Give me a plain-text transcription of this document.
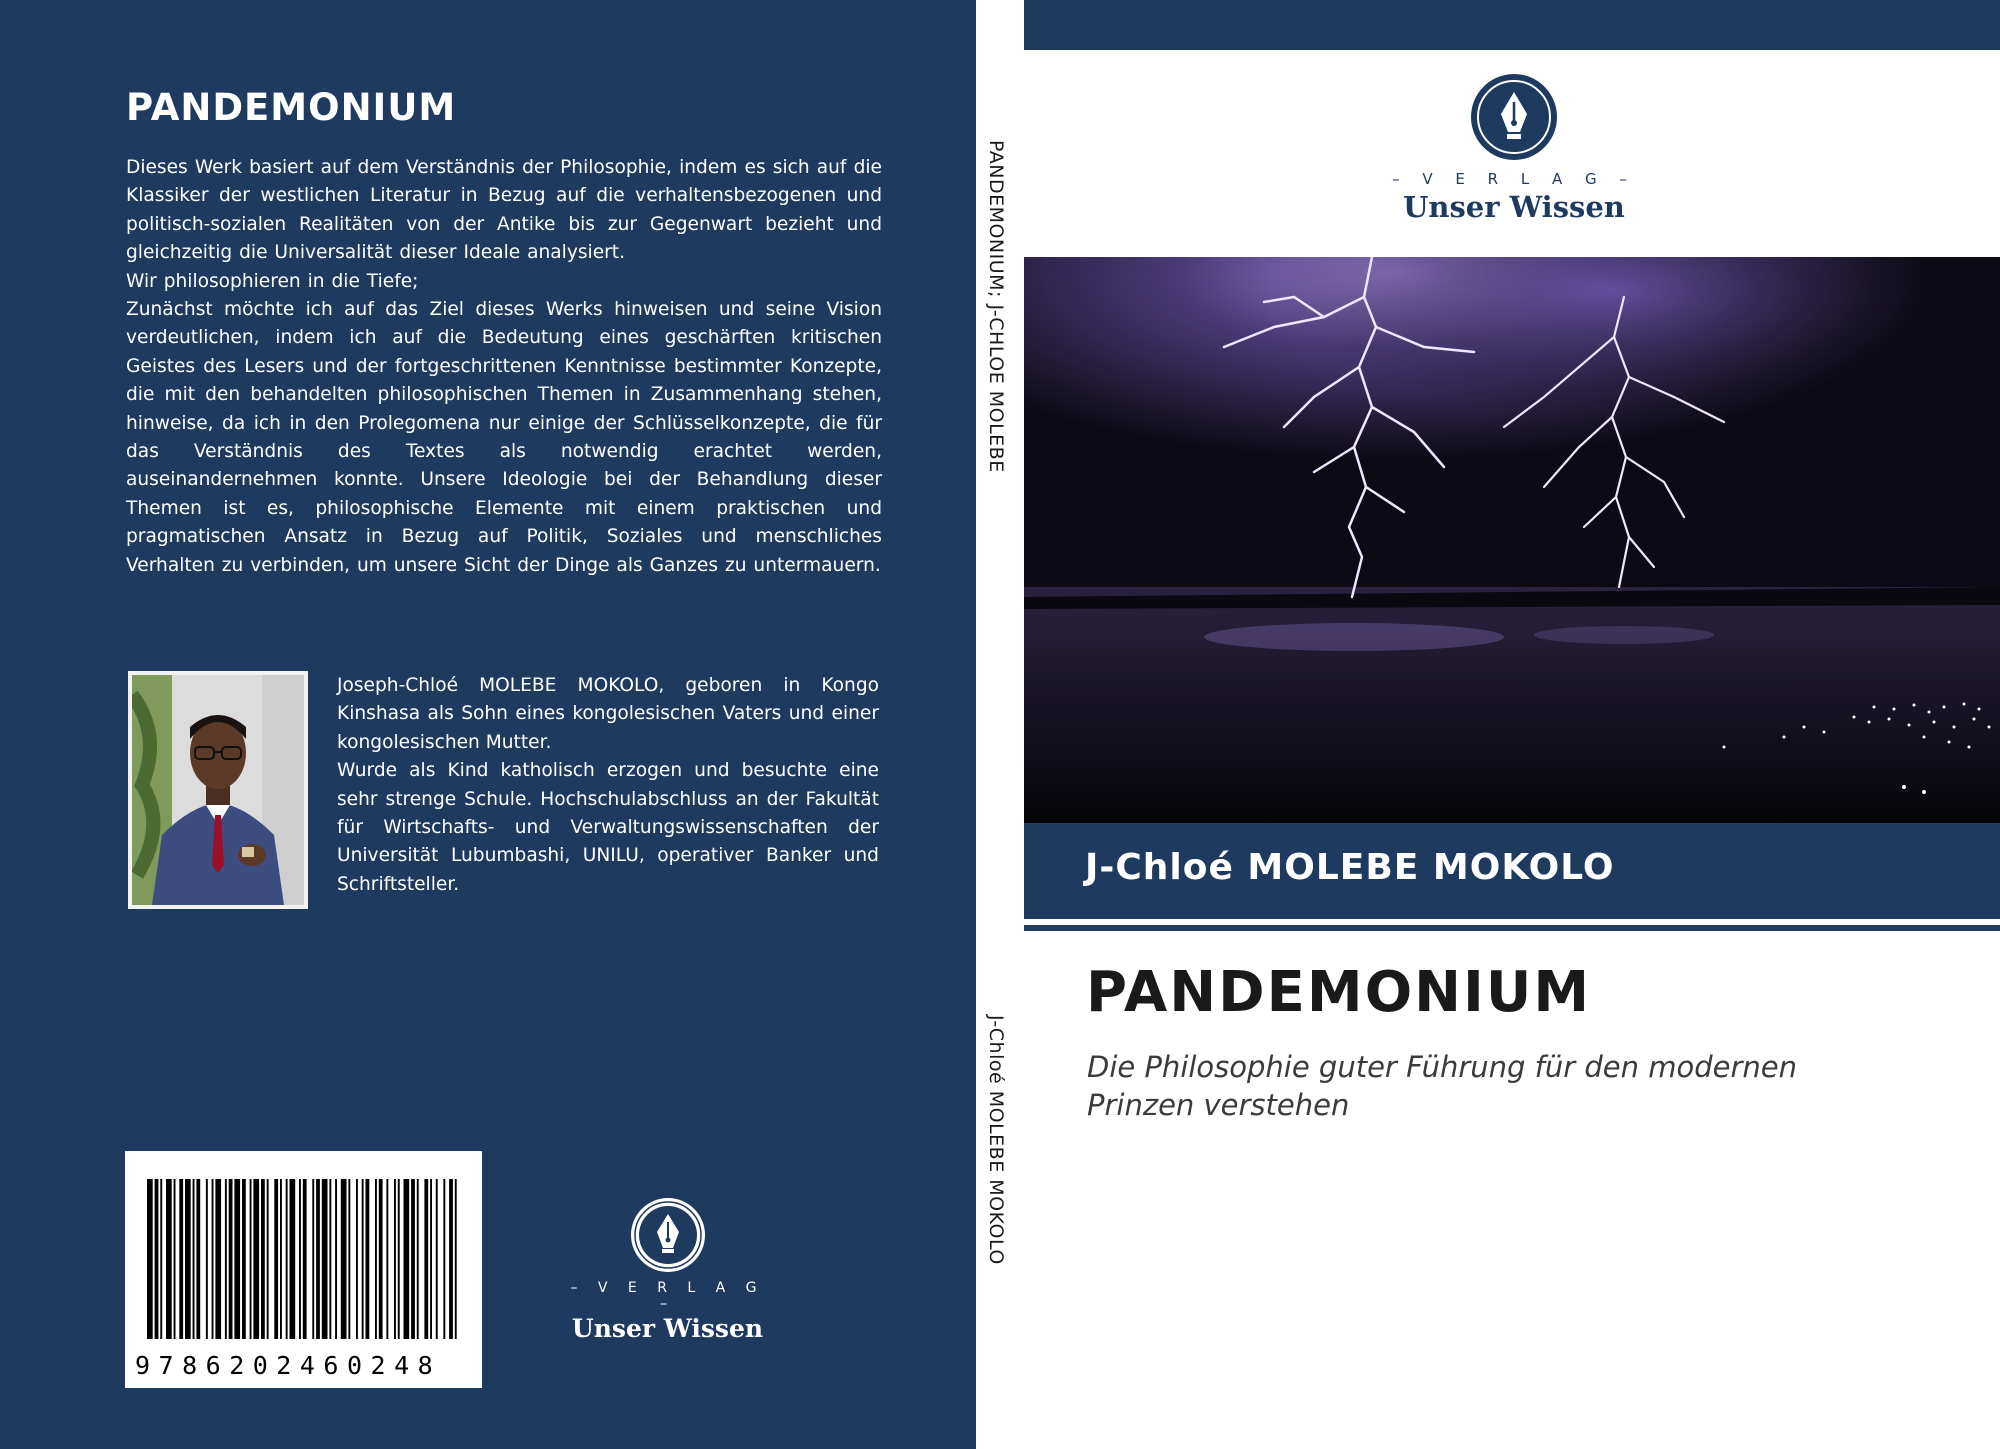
PANDEMONIUM
Dieses Werk basiert auf dem Verständnis der Philosophie, indem es sich auf die Klassiker der westlichen Literatur in Bezug auf die verhaltensbezogenen und politisch-sozialen Realitäten von der Antike bis zur Gegenwart bezieht und gleichzeitig die Universalität dieser Ideale analysiert.
Wir philosophieren in die Tiefe;
Zunächst möchte ich auf das Ziel dieses Werks hinweisen und seine Vision verdeutlichen, indem ich auf die Bedeutung eines geschärften kritischen Geistes des Lesers und der fortgeschrittenen Kenntnisse bestimmter Konzepte, die mit den behandelten philosophischen Themen in Zusammenhang stehen, hinweise, da ich in den Prolegomena nur einige der Schlüsselkonzepte, die für das Verständnis des Textes als notwendig erachtet werden, auseinandernehmen konnte. Unsere Ideologie bei der Behandlung dieser Themen ist es, philosophische Elemente mit einem praktischen und pragmatischen Ansatz in Bezug auf Politik, Soziales und menschliches Verhalten zu verbinden, um unsere Sicht der Dinge als Ganzes zu untermauern.
Joseph-Chloé MOLEBE MOKOLO, geboren in Kongo Kinshasa als Sohn eines kongolesischen Vaters und einer kongolesischen Mutter.
Wurde als Kind katholisch erzogen und besuchte eine sehr strenge Schule. Hochschulabschluss an der Fakultät für Wirtschafts- und Verwaltungswissenschaften der Universität Lubumbashi, UNILU, operativer Banker und Schriftsteller.
9786202460248
– V E R L A G –
Unser Wissen
PANDEMONIUM; J-CHLOE MOLEBE
J-Chloé MOLEBE MOKOLO
– V E R L A G –
Unser Wissen
J-Chloé MOLEBE MOKOLO
PANDEMONIUM
Die Philosophie guter Führung für den modernen
Prinzen verstehen
